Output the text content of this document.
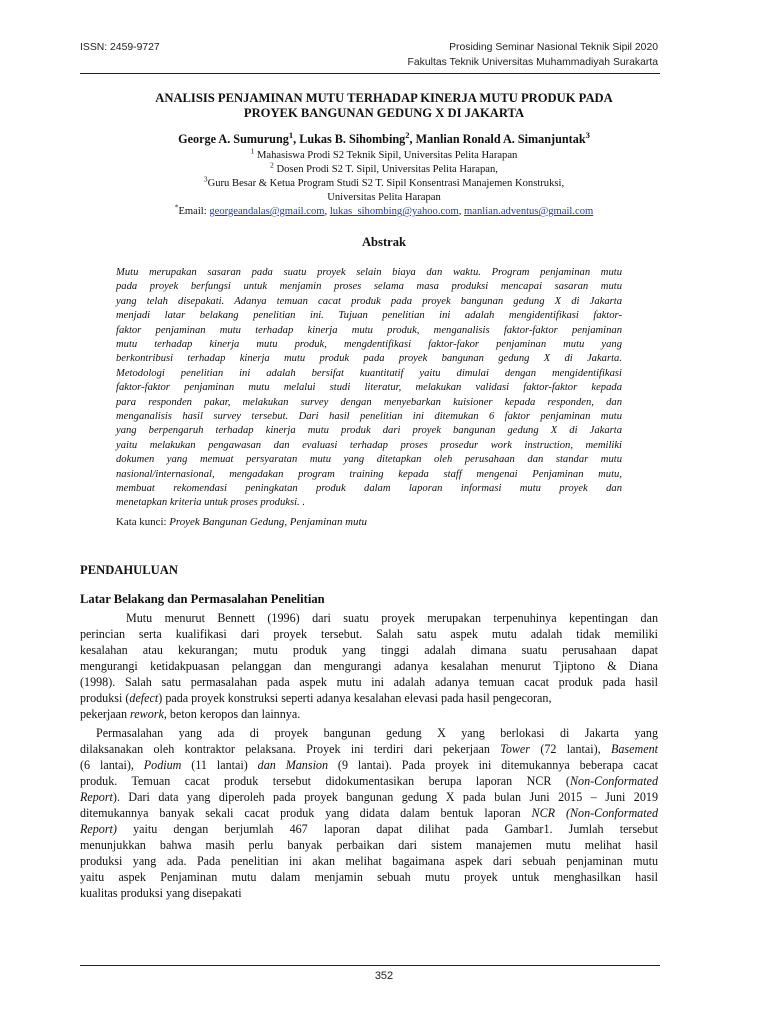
ISSN: 2459-9727	Prosiding Seminar Nasional Teknik Sipil 2020
Fakultas Teknik Universitas Muhammadiyah Surakarta
ANALISIS PENJAMINAN MUTU TERHADAP KINERJA MUTU PRODUK PADA
PROYEK BANGUNAN GEDUNG X DI JAKARTA
George A. Sumurung$^1$, Lukas B. Sihombing$^2$, Manlian Ronald A. Simanjuntak$^3$
$^1$ Mahasiswa Prodi S2 Teknik Sipil, Universitas Pelita Harapan
$^2$ Dosen Prodi S2 T. Sipil, Universitas Pelita Harapan,
$^3$Guru Besar & Ketua Program Studi S2 T. Sipil Konsentrasi Manajemen Konstruksi,
Universitas Pelita Harapan
*Email: georgeandalas@gmail.com, lukas_sihombing@yahoo.com, manlian.adventus@gmail.com
Abstrak
Mutu merupakan sasaran pada suatu proyek selain biaya dan waktu. Program penjaminan mutu
pada proyek berfungsi untuk menjamin proses selama masa produksi mencapai sasaran mutu
yang telah disepakati. Adanya temuan cacat produk pada proyek bangunan gedung X di Jakarta
menjadi latar belakang penelitian ini. Tujuan penelitian ini adalah mengidentifikasi faktor-
faktor penjaminan mutu terhadap kinerja mutu produk, menganalisis faktor-faktor penjaminan
mutu terhadap kinerja mutu produk, mengdentifikasi faktor-fakor penjaminan mutu yang
berkontribusi terhadap kinerja mutu produk pada proyek bangunan gedung X di Jakarta.
Metodologi penelitian ini adalah bersifat kuantitatif yaitu dimulai dengan mengidentifikasi
faktor-faktor penjaminan mutu melalui studi literatur, melakukan validasi faktor-faktor kepada
para responden pakar, melakukan survey dengan menyebarkan kuisioner kepada responden, dan
menganalisis hasil survey tersebut. Dari hasil penelitian ini ditemukan 6 faktor penjaminan mutu
yang berpengaruh terhadap kinerja mutu produk dari proyek bangunan gedung X di Jakarta
yaitu melakukan pengawasan dan evaluasi terhadap proses prosedur work instruction, memiliki
dokumen yang memuat persyaratan mutu yang ditetapkan oleh perusahaan dan standar mutu
nasional/internasional, mengadakan program training kepada staff mengenai Penjaminan mutu,
membuat rekomendasi peningkatan produk dalam laporan informasi mutu proyek dan
menetapkan kriteria untuk proses produksi. .
Kata kunci: Proyek Bangunan Gedung, Penjaminan mutu
PENDAHULUAN
Latar Belakang dan Permasalahan Penelitian
Mutu menurut Bennett (1996) dari suatu proyek merupakan terpenuhinya kepentingan dan
perincian serta kualifikasi dari proyek tersebut. Salah satu aspek mutu adalah tidak memiliki
kesalahan atau kekurangan; mutu produk yang tinggi adalah dimana suatu perusahaan dapat
mengurangi ketidakpuasan pelanggan dan mengurangi adanya kesalahan menurut Tjiptono & Diana
(1998). Salah satu permasalahan pada aspek mutu ini adalah adanya temuan cacat produk pada hasil
produksi (defect) pada proyek konstruksi seperti adanya kesalahan elevasi pada hasil pengecoran,
pekerjaan rework, beton keropos dan lainnya.
Permasalahan yang ada di proyek bangunan gedung X yang berlokasi di Jakarta yang
dilaksanakan oleh kontraktor pelaksana. Proyek ini terdiri dari pekerjaan Tower (72 lantai), Basement
(6 lantai), Podium (11 lantai) dan Mansion (9 lantai). Pada proyek ini ditemukannya beberapa cacat
produk. Temuan cacat produk tersebut didokumentasikan berupa laporan NCR (Non-Conformated
Report). Dari data yang diperoleh pada proyek bangunan gedung X pada bulan Juni 2015 – Juni 2019
ditemukannya banyak sekali cacat produk yang didata dalam bentuk laporan NCR (Non-Conformated
Report) yaitu dengan berjumlah 467 laporan dapat dilihat pada Gambar1. Jumlah tersebut
menunjukkan bahwa masih perlu banyak perbaikan dari sistem manajemen mutu melihat hasil
produksi yang ada. Pada penelitian ini akan melihat bagaimana aspek dari sebuah penjaminan mutu
yaitu aspek Penjaminan mutu dalam menjamin sebuah mutu proyek untuk menghasilkan hasil
kualitas produksi yang disepakati
352
